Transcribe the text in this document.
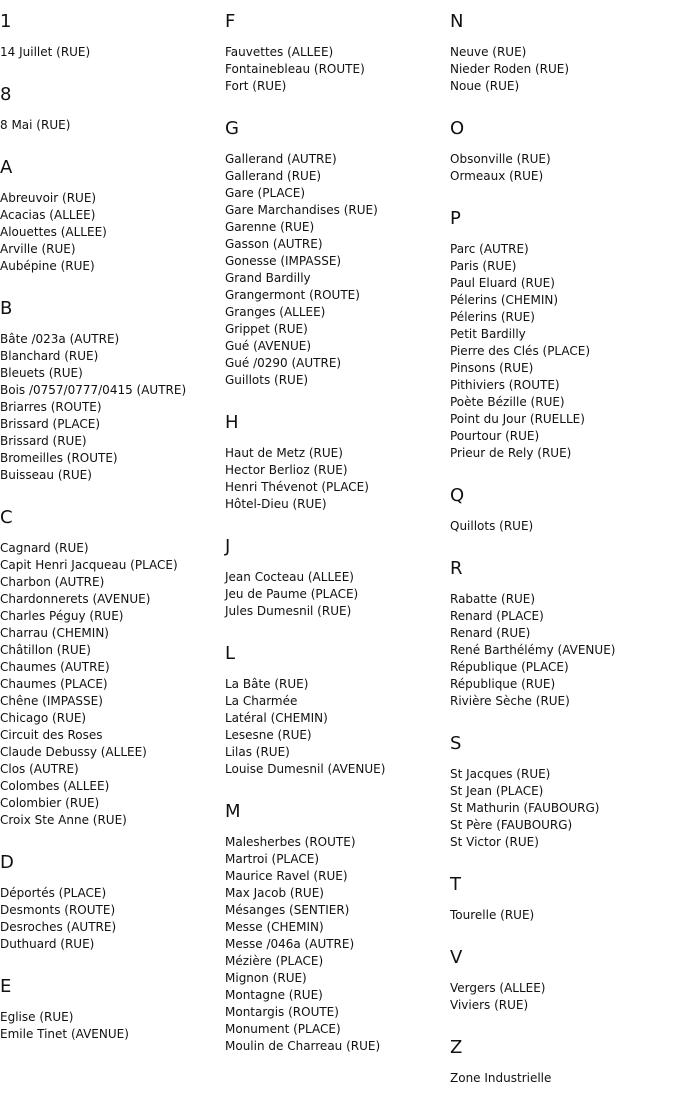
1
14 Juillet (RUE)
8
8 Mai (RUE)
A
Abreuvoir (RUE)
Acacias (ALLEE)
Alouettes (ALLEE)
Arville (RUE)
Aubépine (RUE)
B
Bâte /023a (AUTRE)
Blanchard (RUE)
Bleuets (RUE)
Bois /0757/0777/0415 (AUTRE)
Briarres (ROUTE)
Brissard (PLACE)
Brissard (RUE)
Bromeilles (ROUTE)
Buisseau (RUE)
C
Cagnard (RUE)
Capit Henri Jacqueau (PLACE)
Charbon (AUTRE)
Chardonnerets (AVENUE)
Charles Péguy (RUE)
Charrau (CHEMIN)
Châtillon (RUE)
Chaumes (AUTRE)
Chaumes (PLACE)
Chêne (IMPASSE)
Chicago (RUE)
Circuit des Roses
Claude Debussy (ALLEE)
Clos (AUTRE)
Colombes (ALLEE)
Colombier (RUE)
Croix Ste Anne (RUE)
D
Déportés (PLACE)
Desmonts (ROUTE)
Desroches (AUTRE)
Duthuard (RUE)
E
Eglise (RUE)
Emile Tinet (AVENUE)
F
Fauvettes (ALLEE)
Fontainebleau (ROUTE)
Fort (RUE)
G
Gallerand (AUTRE)
Gallerand (RUE)
Gare (PLACE)
Gare Marchandises (RUE)
Garenne (RUE)
Gasson (AUTRE)
Gonesse (IMPASSE)
Grand Bardilly
Grangermont (ROUTE)
Granges (ALLEE)
Grippet (RUE)
Gué (AVENUE)
Gué /0290 (AUTRE)
Guillots (RUE)
H
Haut de Metz (RUE)
Hector Berlioz (RUE)
Henri Thévenot (PLACE)
Hôtel-Dieu (RUE)
J
Jean Cocteau (ALLEE)
Jeu de Paume (PLACE)
Jules Dumesnil (RUE)
L
La Bâte (RUE)
La Charmée
Latéral (CHEMIN)
Lesesne (RUE)
Lilas (RUE)
Louise Dumesnil (AVENUE)
M
Malesherbes (ROUTE)
Martroi (PLACE)
Maurice Ravel (RUE)
Max Jacob (RUE)
Mésanges (SENTIER)
Messe (CHEMIN)
Messe /046a (AUTRE)
Mézière (PLACE)
Mignon (RUE)
Montagne (RUE)
Montargis (ROUTE)
Monument (PLACE)
Moulin de Charreau (RUE)
N
Neuve (RUE)
Nieder Roden (RUE)
Noue (RUE)
O
Obsonville (RUE)
Ormeaux (RUE)
P
Parc (AUTRE)
Paris (RUE)
Paul Eluard (RUE)
Pélerins (CHEMIN)
Pélerins (RUE)
Petit Bardilly
Pierre des Clés (PLACE)
Pinsons (RUE)
Pithiviers (ROUTE)
Poète Bézille (RUE)
Point du Jour (RUELLE)
Pourtour (RUE)
Prieur de Rely (RUE)
Q
Quillots (RUE)
R
Rabatte (RUE)
Renard (PLACE)
Renard (RUE)
René Barthélémy (AVENUE)
République (PLACE)
République (RUE)
Rivière Sèche (RUE)
S
St Jacques (RUE)
St Jean (PLACE)
St Mathurin (FAUBOURG)
St Père (FAUBOURG)
St Victor (RUE)
T
Tourelle (RUE)
V
Vergers (ALLEE)
Viviers (RUE)
Z
Zone Industrielle
